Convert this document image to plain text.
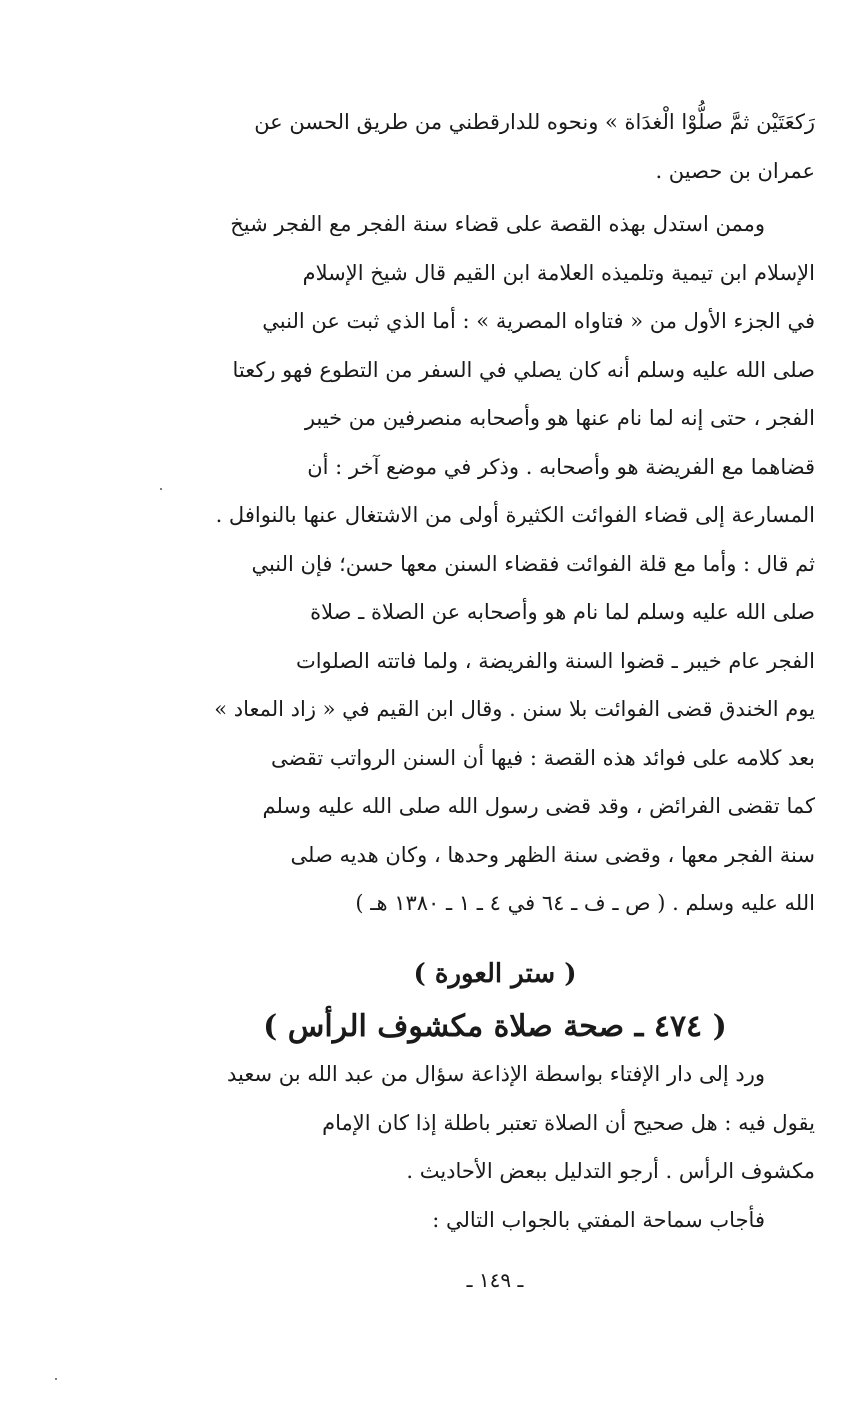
رَكعَتَيْن ثمَّ صلُّوْا الْغدَاة » ونحوه للدارقطني من طريق الحسن عن
عمران بن حصين .
وممن استدل بهذه القصة على قضاء سنة الفجر مع الفجر شيخ
الإسلام ابن تيمية وتلميذه العلامة ابن القيم قال شيخ الإسلام
في الجزء الأول من « فتاواه المصرية » : أما الذي ثبت عن النبي
صلى الله عليه وسلم أنه كان يصلي في السفر من التطوع فهو ركعتا
الفجر ، حتى إنه لما نام عنها هو وأصحابه منصرفين من خيبر
قضاهما مع الفريضة هو وأصحابه . وذكر في موضع آخر : أن
المسارعة إلى قضاء الفوائت الكثيرة أولى من الاشتغال عنها بالنوافل .
ثم قال : وأما مع قلة الفوائت فقضاء السنن معها حسن؛ فإن النبي
صلى الله عليه وسلم لما نام هو وأصحابه عن الصلاة ـ صلاة
الفجر عام خيبر ـ قضوا السنة والفريضة ، ولما فاتته الصلوات
يوم الخندق قضى الفوائت بلا سنن . وقال ابن القيم في « زاد المعاد »
بعد كلامه على فوائد هذه القصة : فيها أن السنن الرواتب تقضى
كما تقضى الفرائض ، وقد قضى رسول الله صلى الله عليه وسلم
سنة الفجر معها ، وقضى سنة الظهر وحدها ، وكان هديه صلى
الله عليه وسلم . ( ص ـ ف ـ ٦٤ في ٤ ـ ١ ـ ١٣٨٠ هـ )
( ستر العورة )
( ٤٧٤ ـ صحة صلاة مكشوف الرأس )
ورد إلى دار الإفتاء بواسطة الإذاعة سؤال من عبد الله بن سعيد
يقول فيه : هل صحيح أن الصلاة تعتبر باطلة إذا كان الإمام
مكشوف الرأس . أرجو التدليل ببعض الأحاديث .
فأجاب سماحة المفتي بالجواب التالي :
ـ ١٤٩ ـ
